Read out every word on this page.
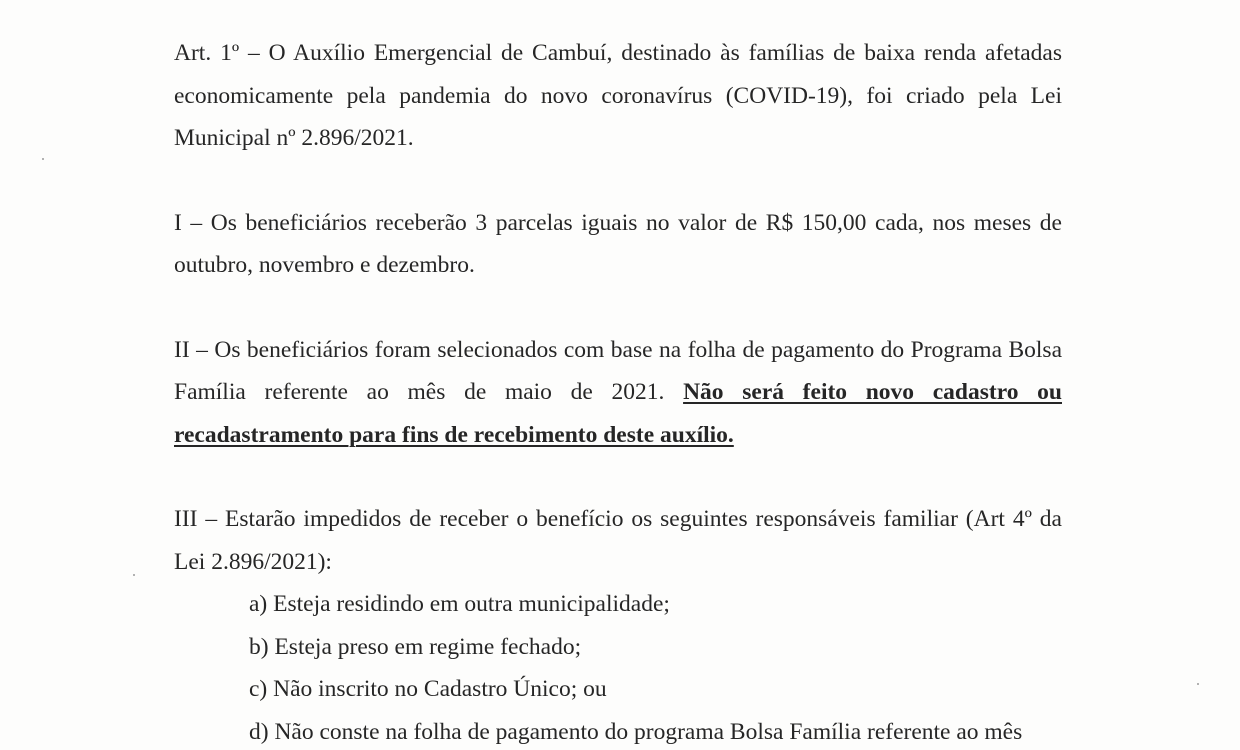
Art. 1º – O Auxílio Emergencial de Cambuí, destinado às famílias de baixa renda afetadas economicamente pela pandemia do novo coronavírus (COVID-19), foi criado pela Lei Municipal nº 2.896/2021.

I – Os beneficiários receberão 3 parcelas iguais no valor de R$ 150,00 cada, nos meses de outubro, novembro e dezembro.

II – Os beneficiários foram selecionados com base na folha de pagamento do Programa Bolsa Família referente ao mês de maio de 2021. Não será feito novo cadastro ou recadastramento para fins de recebimento deste auxílio.

III – Estarão impedidos de receber o benefício os seguintes responsáveis familiar (Art 4º da Lei 2.896/2021):

a) Esteja residindo em outra municipalidade;
b) Esteja preso em regime fechado;
c) Não inscrito no Cadastro Único; ou
d) Não conste na folha de pagamento do programa Bolsa Família referente ao mês
